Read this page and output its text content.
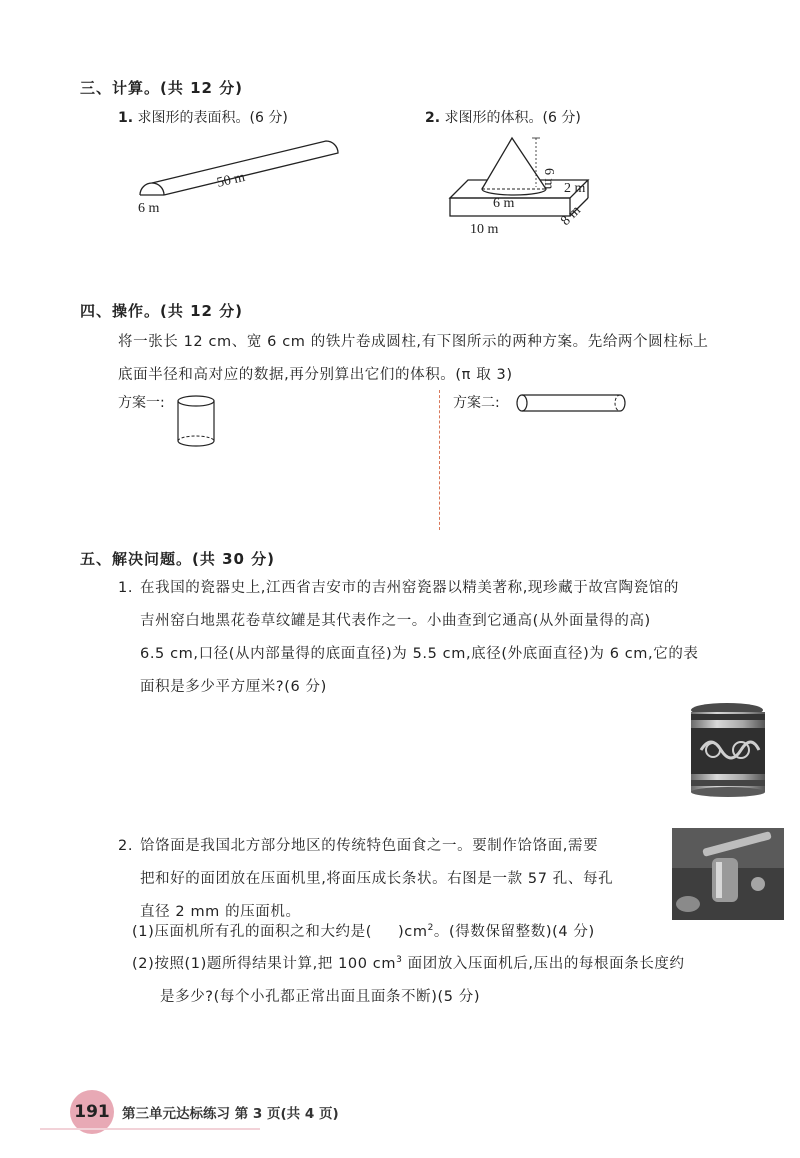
三、计算。(共 12 分)
1. 求图形的表面积。(6 分)	2. 求图形的体积。(6 分)
50 m
6 m
6 m
6 m
2 m
8 m
10 m
四、操作。(共 12 分)
将一张长 12 cm、宽 6 cm 的铁片卷成圆柱,有下图所示的两种方案。先给两个圆柱标上
底面半径和高对应的数据,再分别算出它们的体积。(π 取 3)
方案一:	方案二:
五、解决问题。(共 30 分)
1. 在我国的瓷器史上,江西省吉安市的吉州窑瓷器以精美著称,现珍藏于故宫陶瓷馆的
吉州窑白地黑花卷草纹罐是其代表作之一。小曲查到它通高(从外面量得的高)
6.5 cm,口径(从内部量得的底面直径)为 5.5 cm,底径(外底面直径)为 6 cm,它的表
面积是多少平方厘米?(6 分)
2. 饸饹面是我国北方部分地区的传统特色面食之一。要制作饸饹面,需要
把和好的面团放在压面机里,将面压成长条状。右图是一款 57 孔、每孔
直径 2 mm 的压面机。
(1)压面机所有孔的面积之和大约是( )$cm^2$。(得数保留整数)(4 分)
(2)按照(1)题所得结果计算,把 100 $cm^3$ 面团放入压面机后,压出的每根面条长度约
是多少?(每个小孔都正常出面且面条不断)(5 分)
191 第三单元达标练习 第 3 页(共 4 页)
